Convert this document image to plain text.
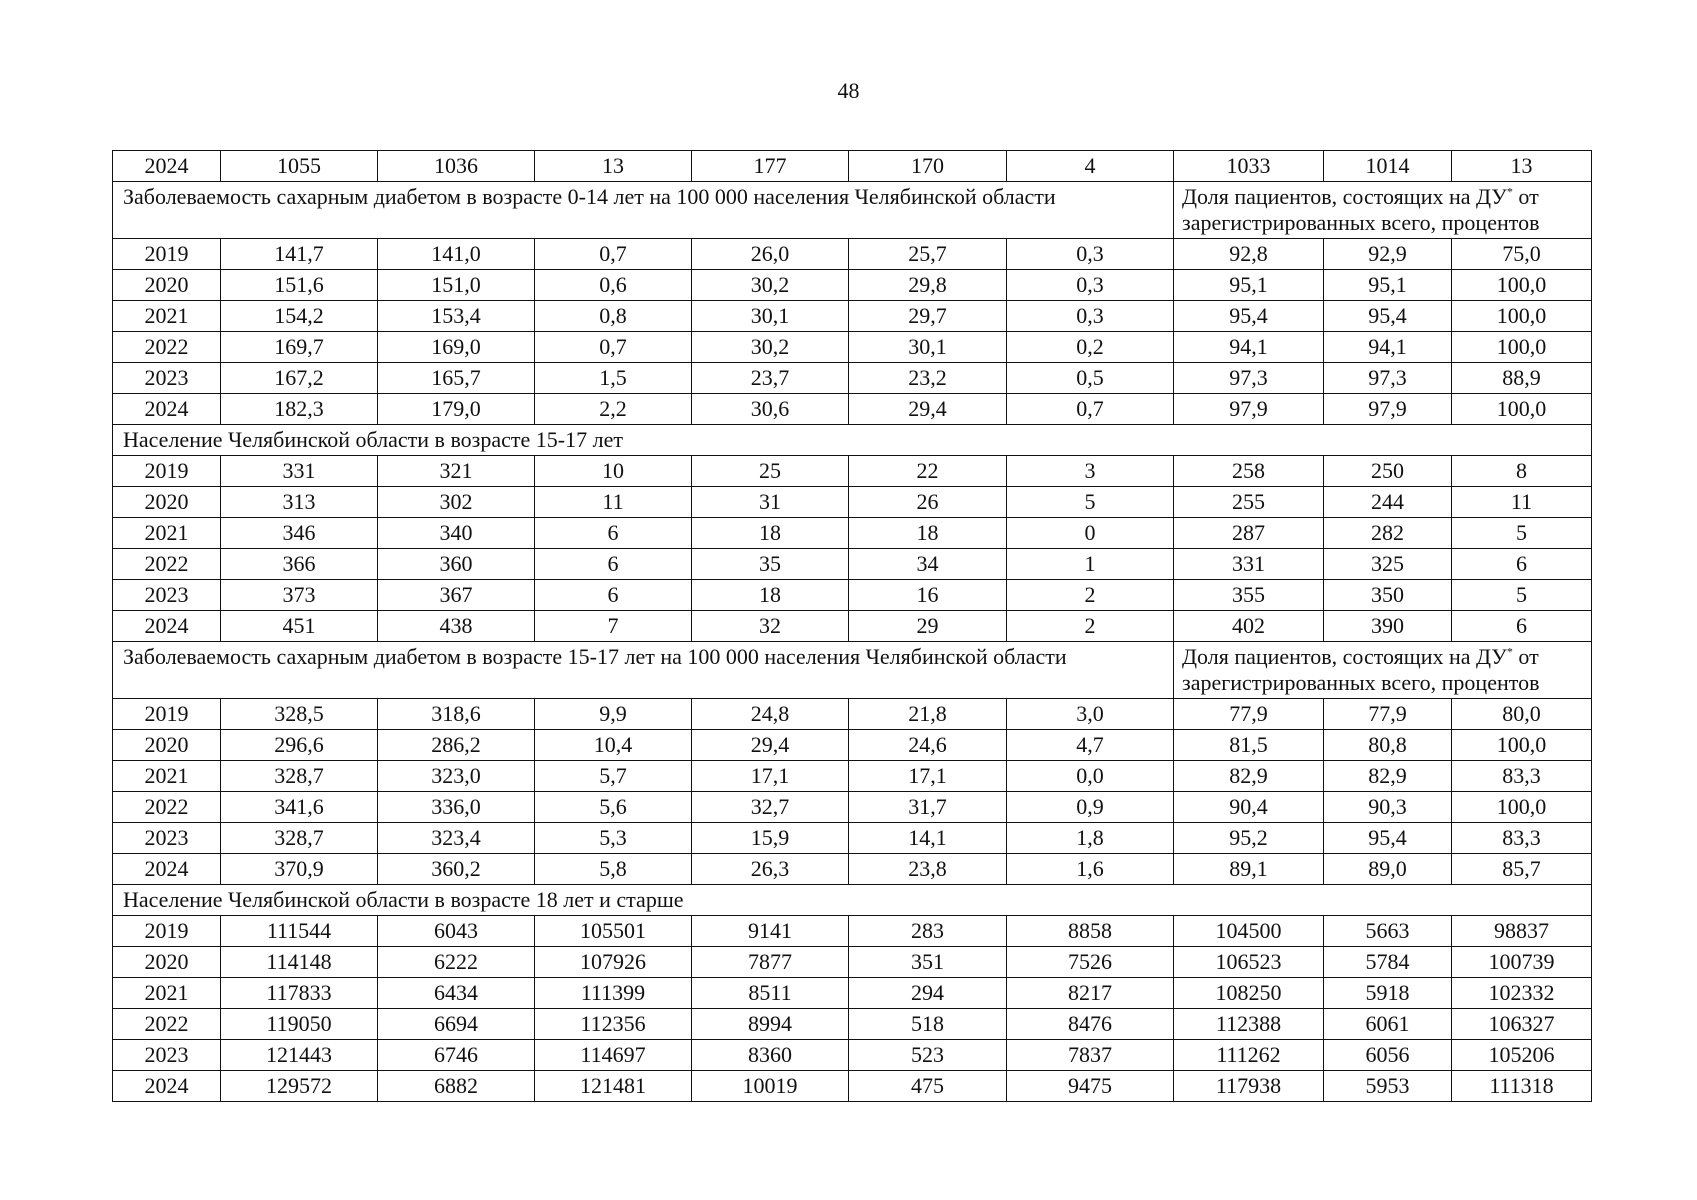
48
2024	1055	1036	13	177	170	4	1033	1014	13
Заболеваемость сахарным диабетом в возрасте 0-14 лет на 100 000 населения Челябинской области							Доля пациентов, состоящих на ДУ* от зарегистрированных всего, процентов		
2019	141,7	141,0	0,7	26,0	25,7	0,3	92,8	92,9	75,0
2020	151,6	151,0	0,6	30,2	29,8	0,3	95,1	95,1	100,0
2021	154,2	153,4	0,8	30,1	29,7	0,3	95,4	95,4	100,0
2022	169,7	169,0	0,7	30,2	30,1	0,2	94,1	94,1	100,0
2023	167,2	165,7	1,5	23,7	23,2	0,5	97,3	97,3	88,9
2024	182,3	179,0	2,2	30,6	29,4	0,7	97,9	97,9	100,0
Население Челябинской области в возрасте 15-17 лет									
2019	331	321	10	25	22	3	258	250	8
2020	313	302	11	31	26	5	255	244	11
2021	346	340	6	18	18	0	287	282	5
2022	366	360	6	35	34	1	331	325	6
2023	373	367	6	18	16	2	355	350	5
2024	451	438	7	32	29	2	402	390	6
Заболеваемость сахарным диабетом в возрасте 15-17 лет на 100 000 населения Челябинской области							Доля пациентов, состоящих на ДУ* от зарегистрированных всего, процентов		
2019	328,5	318,6	9,9	24,8	21,8	3,0	77,9	77,9	80,0
2020	296,6	286,2	10,4	29,4	24,6	4,7	81,5	80,8	100,0
2021	328,7	323,0	5,7	17,1	17,1	0,0	82,9	82,9	83,3
2022	341,6	336,0	5,6	32,7	31,7	0,9	90,4	90,3	100,0
2023	328,7	323,4	5,3	15,9	14,1	1,8	95,2	95,4	83,3
2024	370,9	360,2	5,8	26,3	23,8	1,6	89,1	89,0	85,7
Население Челябинской области в возрасте 18 лет и старше									
2019	111544	6043	105501	9141	283	8858	104500	5663	98837
2020	114148	6222	107926	7877	351	7526	106523	5784	100739
2021	117833	6434	111399	8511	294	8217	108250	5918	102332
2022	119050	6694	112356	8994	518	8476	112388	6061	106327
2023	121443	6746	114697	8360	523	7837	111262	6056	105206
2024	129572	6882	121481	10019	475	9475	117938	5953	111318
